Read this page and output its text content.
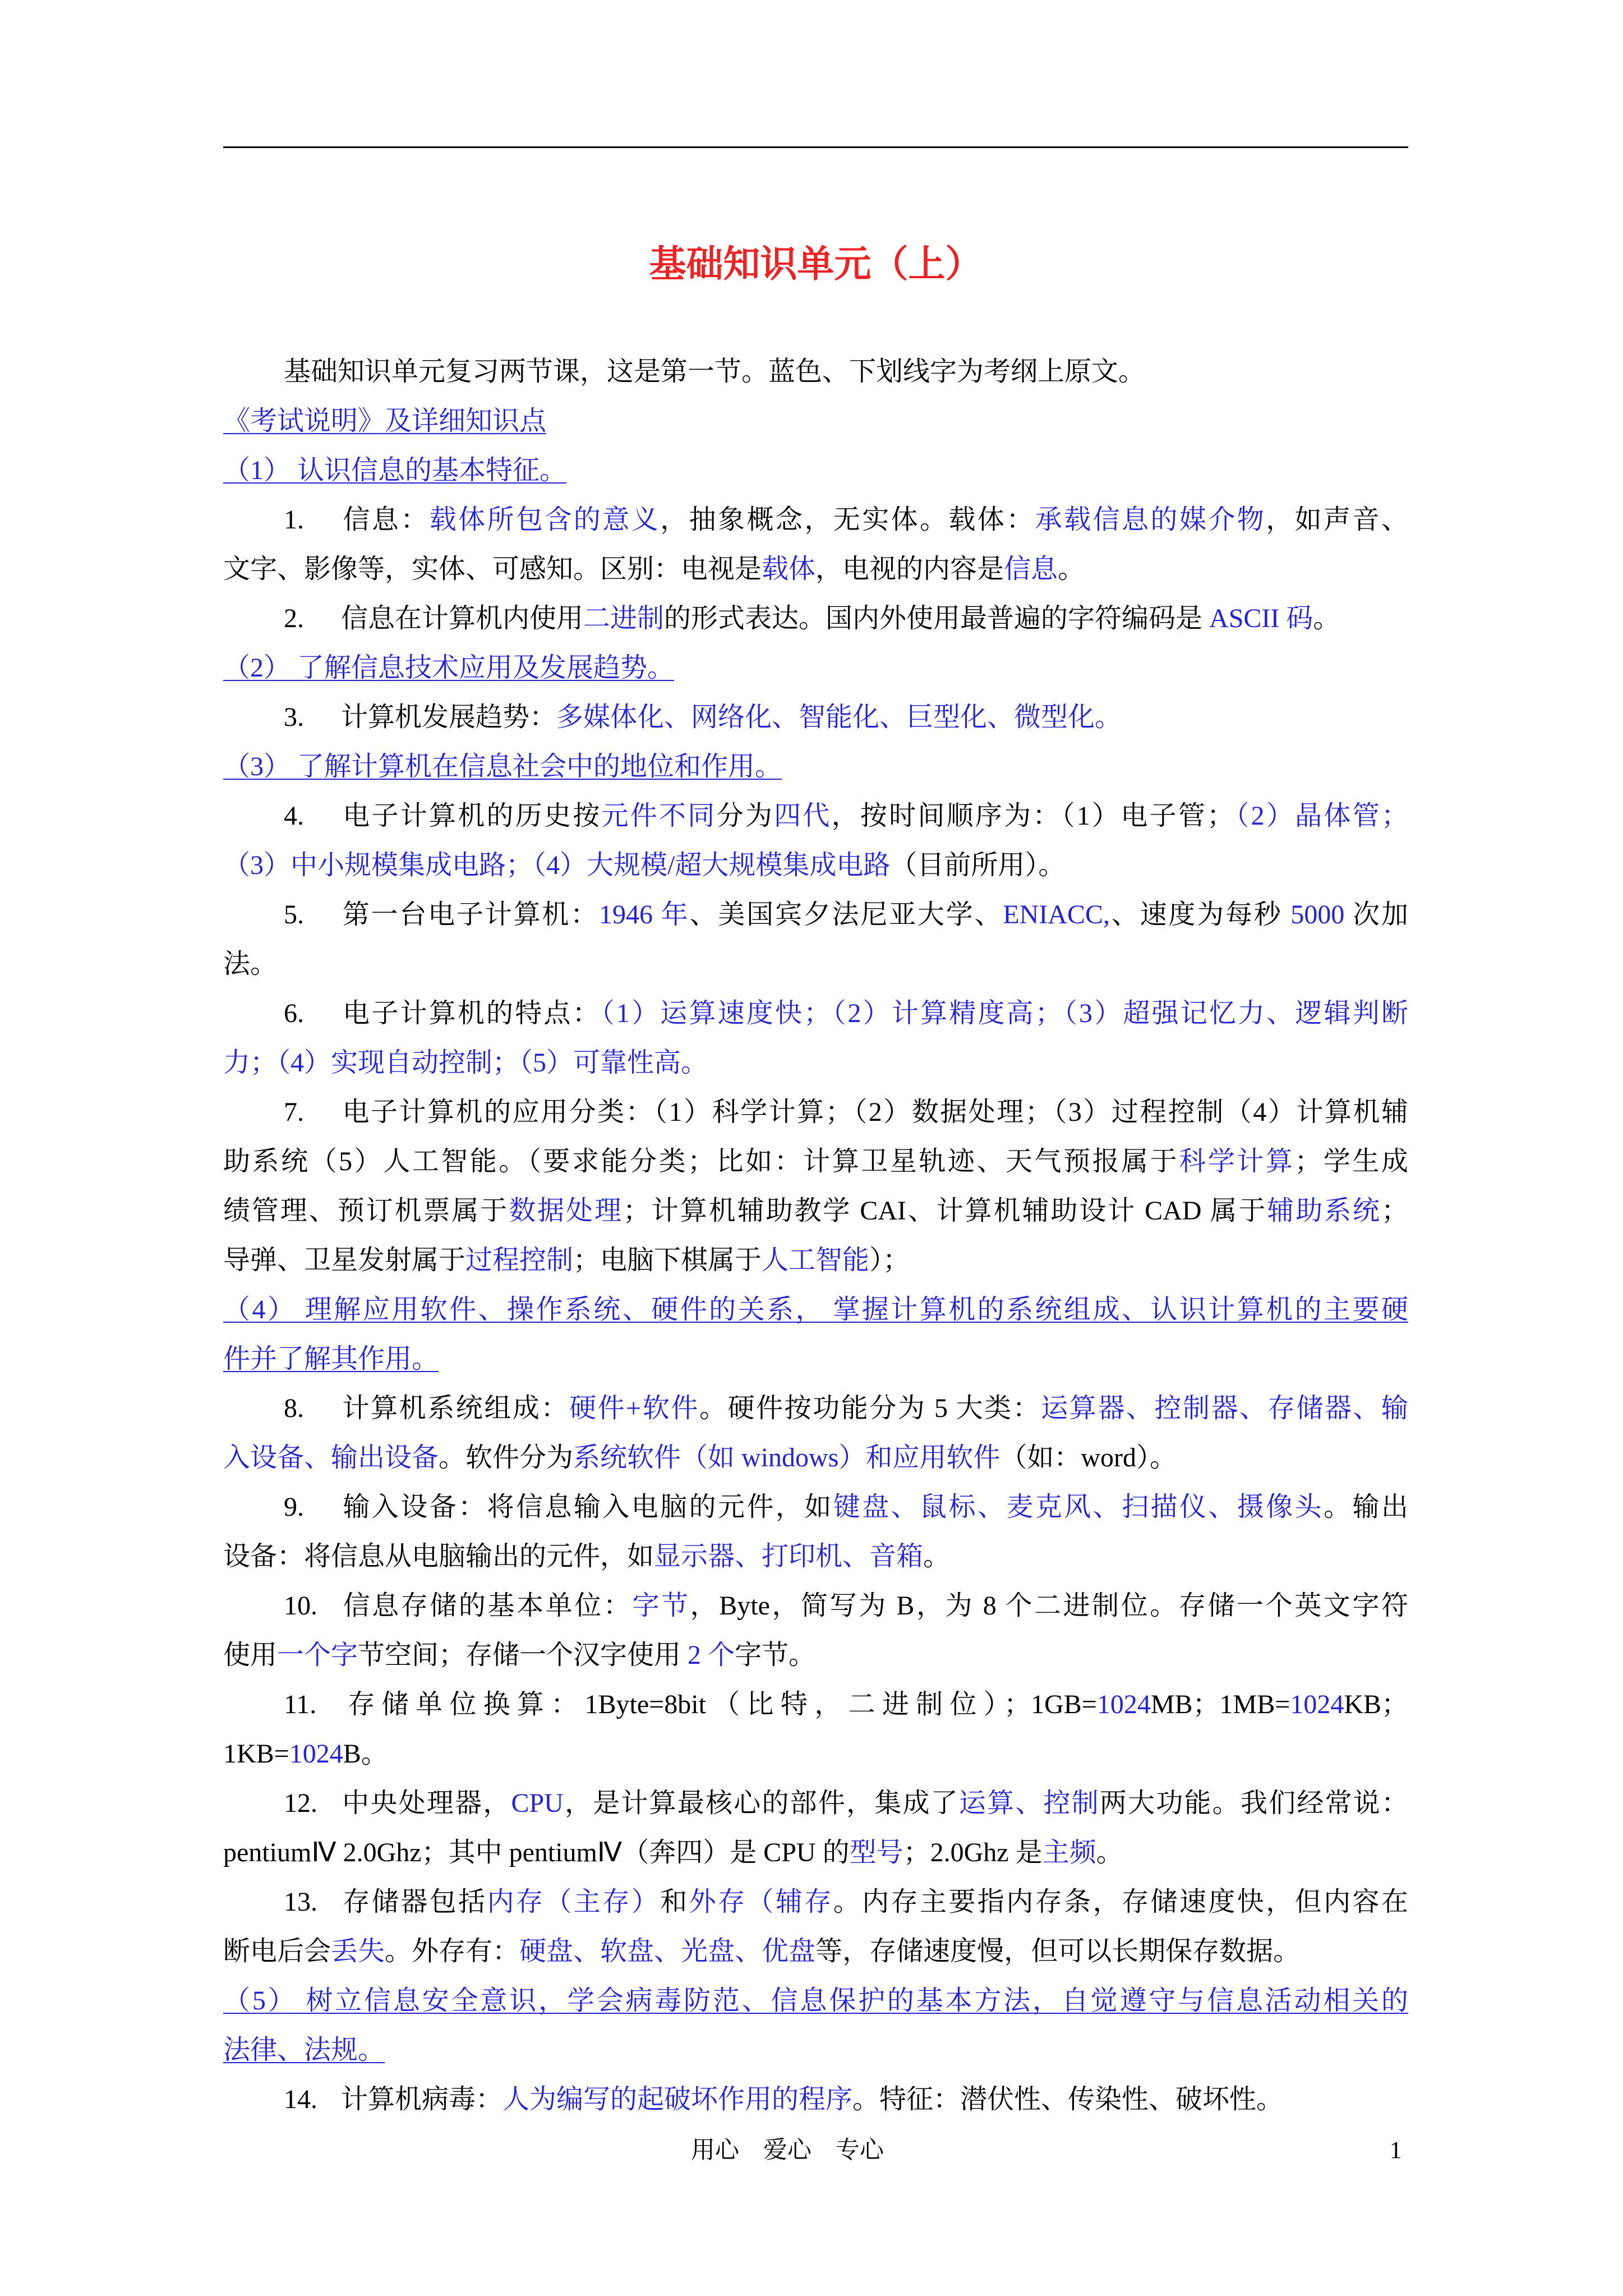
基础知识单元（上）

基础知识单元复习两节课，这是第一节。蓝色、下划线字为考纲上原文。

《考试说明》及详细知识点

（1） 认识信息的基本特征。
1. 信息：载体所包含的意义，抽象概念，无实体。载体：承载信息的媒介物，如声音、
文字、影像等，实体、可感知。区别：电视是载体，电视的内容是信息。
2. 信息在计算机内使用二进制的形式表达。国内外使用最普遍的字符编码是 ASCII 码。
（2） 了解信息技术应用及发展趋势。
3. 计算机发展趋势：多媒体化、网络化、智能化、巨型化、微型化。
（3） 了解计算机在信息社会中的地位和作用。
4. 电子计算机的历史按元件不同分为四代，按时间顺序为：（1）电子管；（2）晶体管；
（3）中小规模集成电路；（4）大规模/超大规模集成电路（目前所用）。
5. 第一台电子计算机：1946 年、美国宾夕法尼亚大学、ENIACC,、速度为每秒 5000 次加
法。
6. 电子计算机的特点：（1）运算速度快；（2）计算精度高；（3）超强记忆力、逻辑判断
力；（4）实现自动控制；（5）可靠性高。
7. 电子计算机的应用分类：（1）科学计算；（2）数据处理；（3）过程控制（4）计算机辅
助系统（5）人工智能。（要求能分类；比如：计算卫星轨迹、天气预报属于科学计算；学生成
绩管理、预订机票属于数据处理；计算机辅助教学 CAI、计算机辅助设计 CAD 属于辅助系统；
导弹、卫星发射属于过程控制；电脑下棋属于人工智能）；
（4） 理解应用软件、操作系统、硬件的关系， 掌握计算机的系统组成、认识计算机的主要硬
件并了解其作用。
8. 计算机系统组成：硬件+软件。硬件按功能分为 5 大类：运算器、控制器、存储器、输
入设备、输出设备。软件分为系统软件（如 windows）和应用软件（如：word）。
9. 输入设备：将信息输入电脑的元件，如键盘、鼠标、麦克风、扫描仪、摄像头。输出
设备：将信息从电脑输出的元件，如显示器、打印机、音箱。
10. 信息存储的基本单位：字节，Byte，简写为 B，为 8 个二进制位。存储一个英文字符
使用一个字节空间；存储一个汉字使用 2 个字节。
11. 存储单位换算：1Byte=8bit（比特，二进制位）；1GB=1024MB；1MB=1024KB；
1KB=1024B。
12. 中央处理器，CPU，是计算最核心的部件，集成了运算、控制两大功能。我们经常说：
pentiumⅣ 2.0Ghz；其中 pentiumⅣ（奔四）是 CPU 的型号；2.0Ghz 是主频。
13. 存储器包括内存（主存）和外存（辅存。内存主要指内存条，存储速度快，但内容在
断电后会丢失。外存有：硬盘、软盘、光盘、优盘等，存储速度慢，但可以长期保存数据。
（5） 树立信息安全意识，学会病毒防范、信息保护的基本方法，自觉遵守与信息活动相关的
法律、法规。
14. 计算机病毒：人为编写的起破坏作用的程序。特征：潜伏性、传染性、破坏性。
用心　爱心　专心	1
